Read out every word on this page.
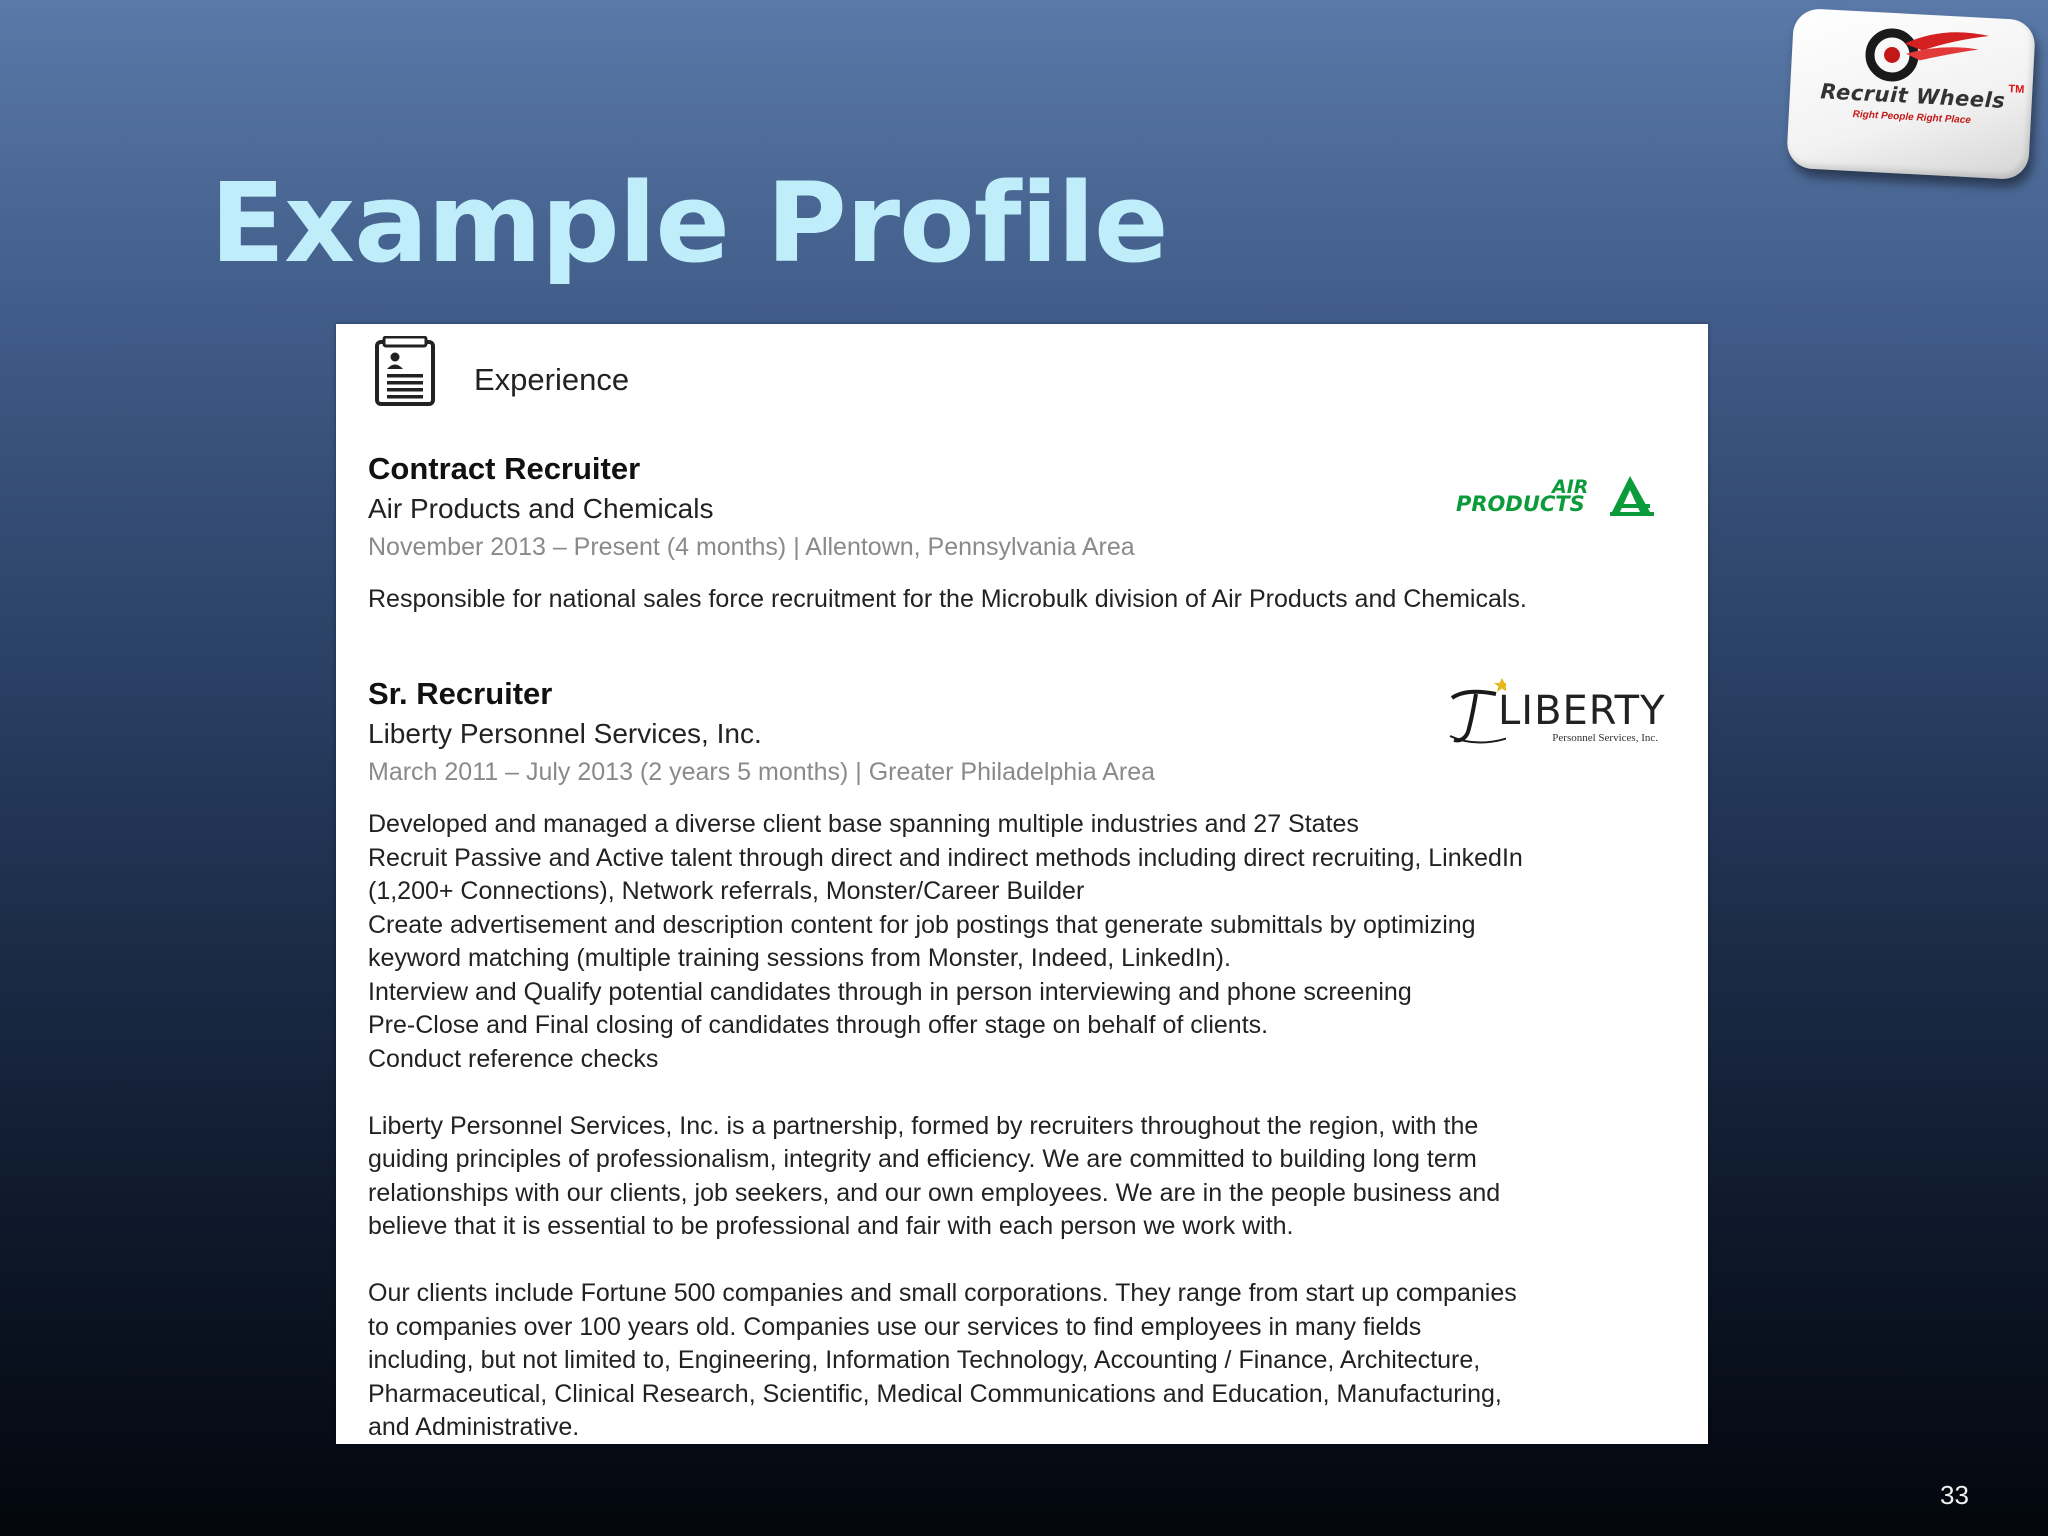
Example Profile
Recruit Wheels TM
Right People Right Place
Experience
Contract Recruiter
Air Products and Chemicals
November 2013 – Present (4 months) | Allentown, Pennsylvania Area
Responsible for national sales force recruitment for the Microbulk division of Air Products and Chemicals.
AIR
PRODUCTS
Sr. Recruiter
Liberty Personnel Services, Inc.
March 2011 – July 2013 (2 years 5 months) | Greater Philadelphia Area
Developed and managed a diverse client base spanning multiple industries and 27 States
Recruit Passive and Active talent through direct and indirect methods including direct recruiting, LinkedIn
(1,200+ Connections), Network referrals, Monster/Career Builder
Create advertisement and description content for job postings that generate submittals by optimizing
keyword matching (multiple training sessions from Monster, Indeed, LinkedIn).
Interview and Qualify potential candidates through in person interviewing and phone screening
Pre-Close and Final closing of candidates through offer stage on behalf of clients.
Conduct reference checks

Liberty Personnel Services, Inc. is a partnership, formed by recruiters throughout the region, with the
guiding principles of professionalism, integrity and efficiency. We are committed to building long term
relationships with our clients, job seekers, and our own employees. We are in the people business and
believe that it is essential to be professional and fair with each person we work with.

Our clients include Fortune 500 companies and small corporations. They range from start up companies
to companies over 100 years old. Companies use our services to find employees in many fields
including, but not limited to, Engineering, Information Technology, Accounting / Finance, Architecture,
Pharmaceutical, Clinical Research, Scientific, Medical Communications and Education, Manufacturing,
and Administrative.
LIBERTY
Personnel Services, Inc.
33
